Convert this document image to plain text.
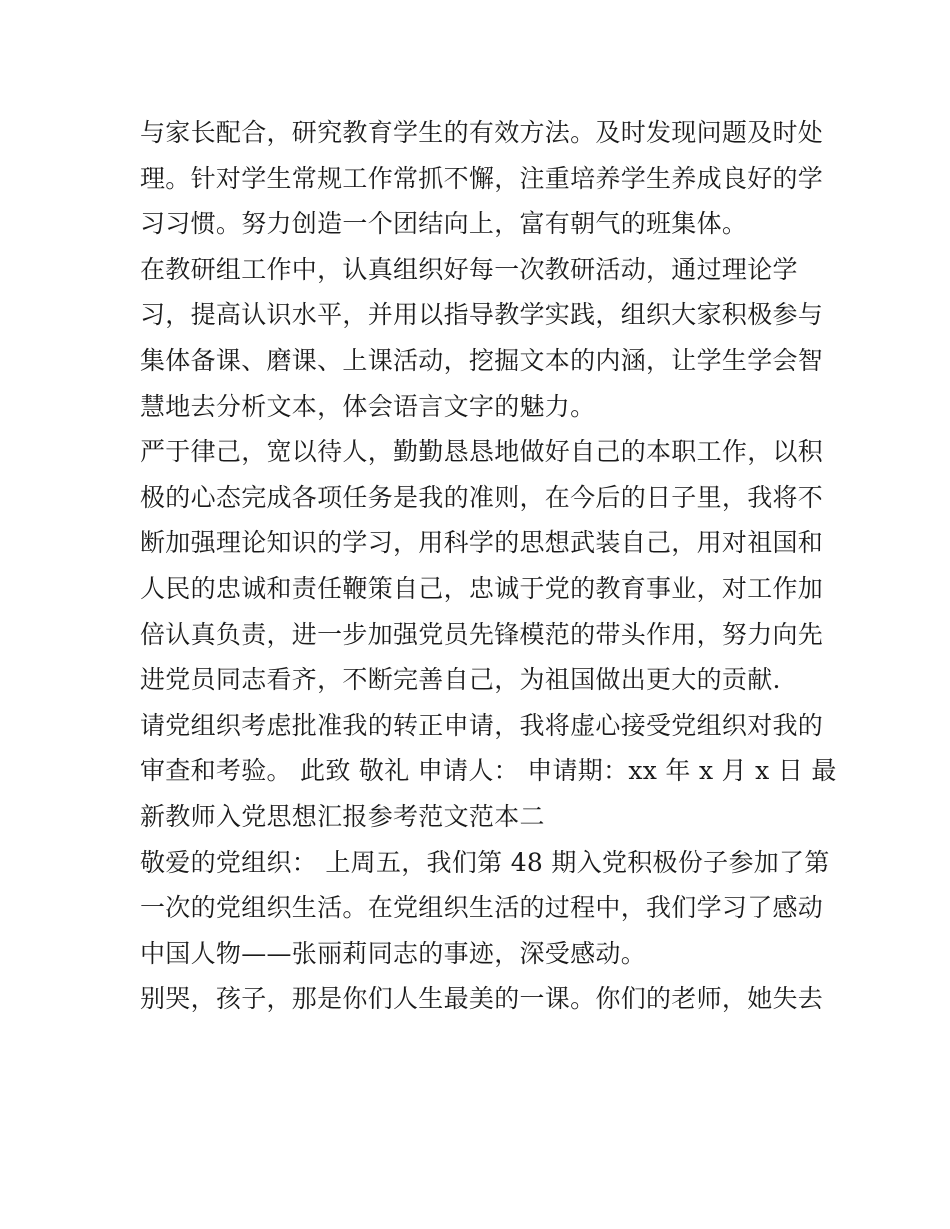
与家长配合，研究教育学生的有效方法。及时发现问题及时处
理。针对学生常规工作常抓不懈，注重培养学生养成良好的学
习习惯。努力创造一个团结向上，富有朝气的班集体。
在教研组工作中，认真组织好每一次教研活动，通过理论学
习，提高认识水平，并用以指导教学实践，组织大家积极参与
集体备课、磨课、上课活动，挖掘文本的内涵，让学生学会智
慧地去分析文本，体会语言文字的魅力。
严于律己，宽以待人，勤勤恳恳地做好自己的本职工作，以积
极的心态完成各项任务是我的准则，在今后的日子里，我将不
断加强理论知识的学习，用科学的思想武装自己，用对祖国和
人民的忠诚和责任鞭策自己，忠诚于党的教育事业，对工作加
倍认真负责，进一步加强党员先锋模范的带头作用，努力向先
进党员同志看齐，不断完善自己，为祖国做出更大的贡献.
请党组织考虑批准我的转正申请，我将虚心接受党组织对我的
审查和考验。 此致 敬礼 申请人： 申请期：xx 年 x 月 x 日 最
新教师入党思想汇报参考范文范本二
敬爱的党组织： 上周五，我们第 48 期入党积极份子参加了第
一次的党组织生活。在党组织生活的过程中，我们学习了感动
中国人物——张丽莉同志的事迹，深受感动。
别哭，孩子，那是你们人生最美的一课。你们的老师，她失去
